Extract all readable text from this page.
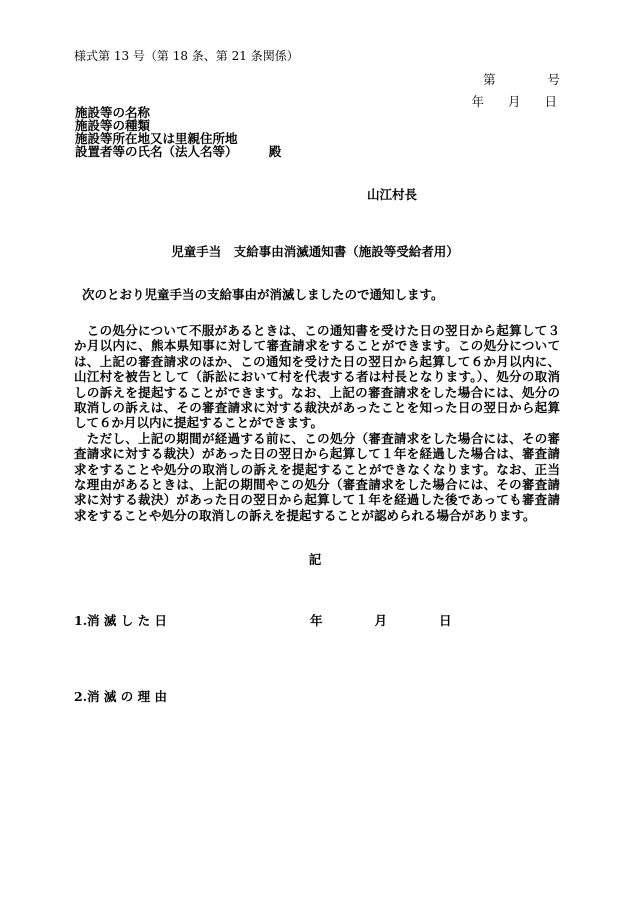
様式第 13 号（第 18 条、第 21 条関係）
第	号
年 月 日
施設等の名称
施設等の種類
施設等所在地又は里親住所地
設置者等の氏名（法人名等）　　　殿
山江村長
児童手当　支給事由消滅通知書（施設等受給者用）
次のとおり児童手当の支給事由が消滅しましたので通知します。

　この処分について不服があるときは、この通知書を受けた日の翌日から起算して３か月以内に、熊本県知事に対して審査請求をすることができます。この処分については、上記の審査請求のほか、この通知を受けた日の翌日から起算して６か月以内に、山江村を被告として（訴訟において村を代表する者は村長となります。）、処分の取消しの訴えを提起することができます。なお、上記の審査請求をした場合には、処分の取消しの訴えは、その審査請求に対する裁決があったことを知った日の翌日から起算して６か月以内に提起することができます。

　ただし、上記の期間が経過する前に、この処分（審査請求をした場合には、その審査請求に対する裁決）があった日の翌日から起算して１年を経過した場合は、審査請求をすることや処分の取消しの訴えを提起することができなくなります。なお、正当な理由があるときは、上記の期間やこの処分（審査請求をした場合には、その審査請求に対する裁決）があった日の翌日から起算して１年を経過した後であっても審査請求をすることや処分の取消しの訴えを提起することが認められる場合があります。

記
1.消 滅 し た 日	年	月	日
2.消 滅 の 理 由
